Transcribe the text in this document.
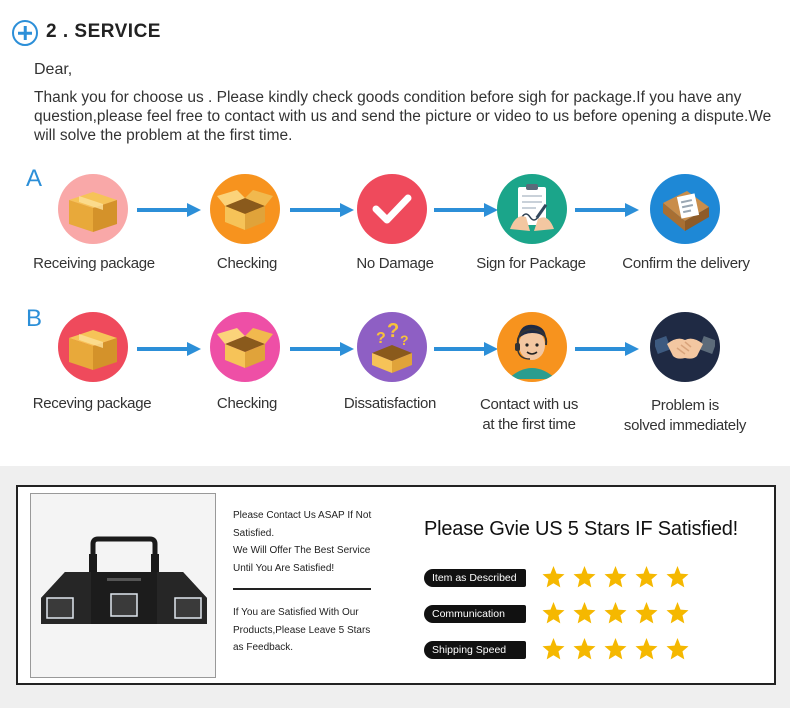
2 . SERVICE
Dear,
Thank you for choose us . Please kindly check goods condition before sigh for package.If you have any question,please feel free to contact with us and send the picture or video to us before opening a dispute.We will solve the problem at the first time.
A
Receiving package	Checking	No Damage	Sign for Package	Confirm the delivery
B
? ? ?
Receving package	Checking	Dissatisfaction	Contact with us
at the first time
Problem is
solved immediately
Please Contact Us ASAP If Not
Satisfied.
We Will Offer The Best Service
Until You Are Satisfied!
If You are Satisfied With Our
Products,Please Leave 5 Stars
as Feedback.
Please Gvie US 5 Stars IF Satisfied!
Item as Described
Communication
Shipping Speed
